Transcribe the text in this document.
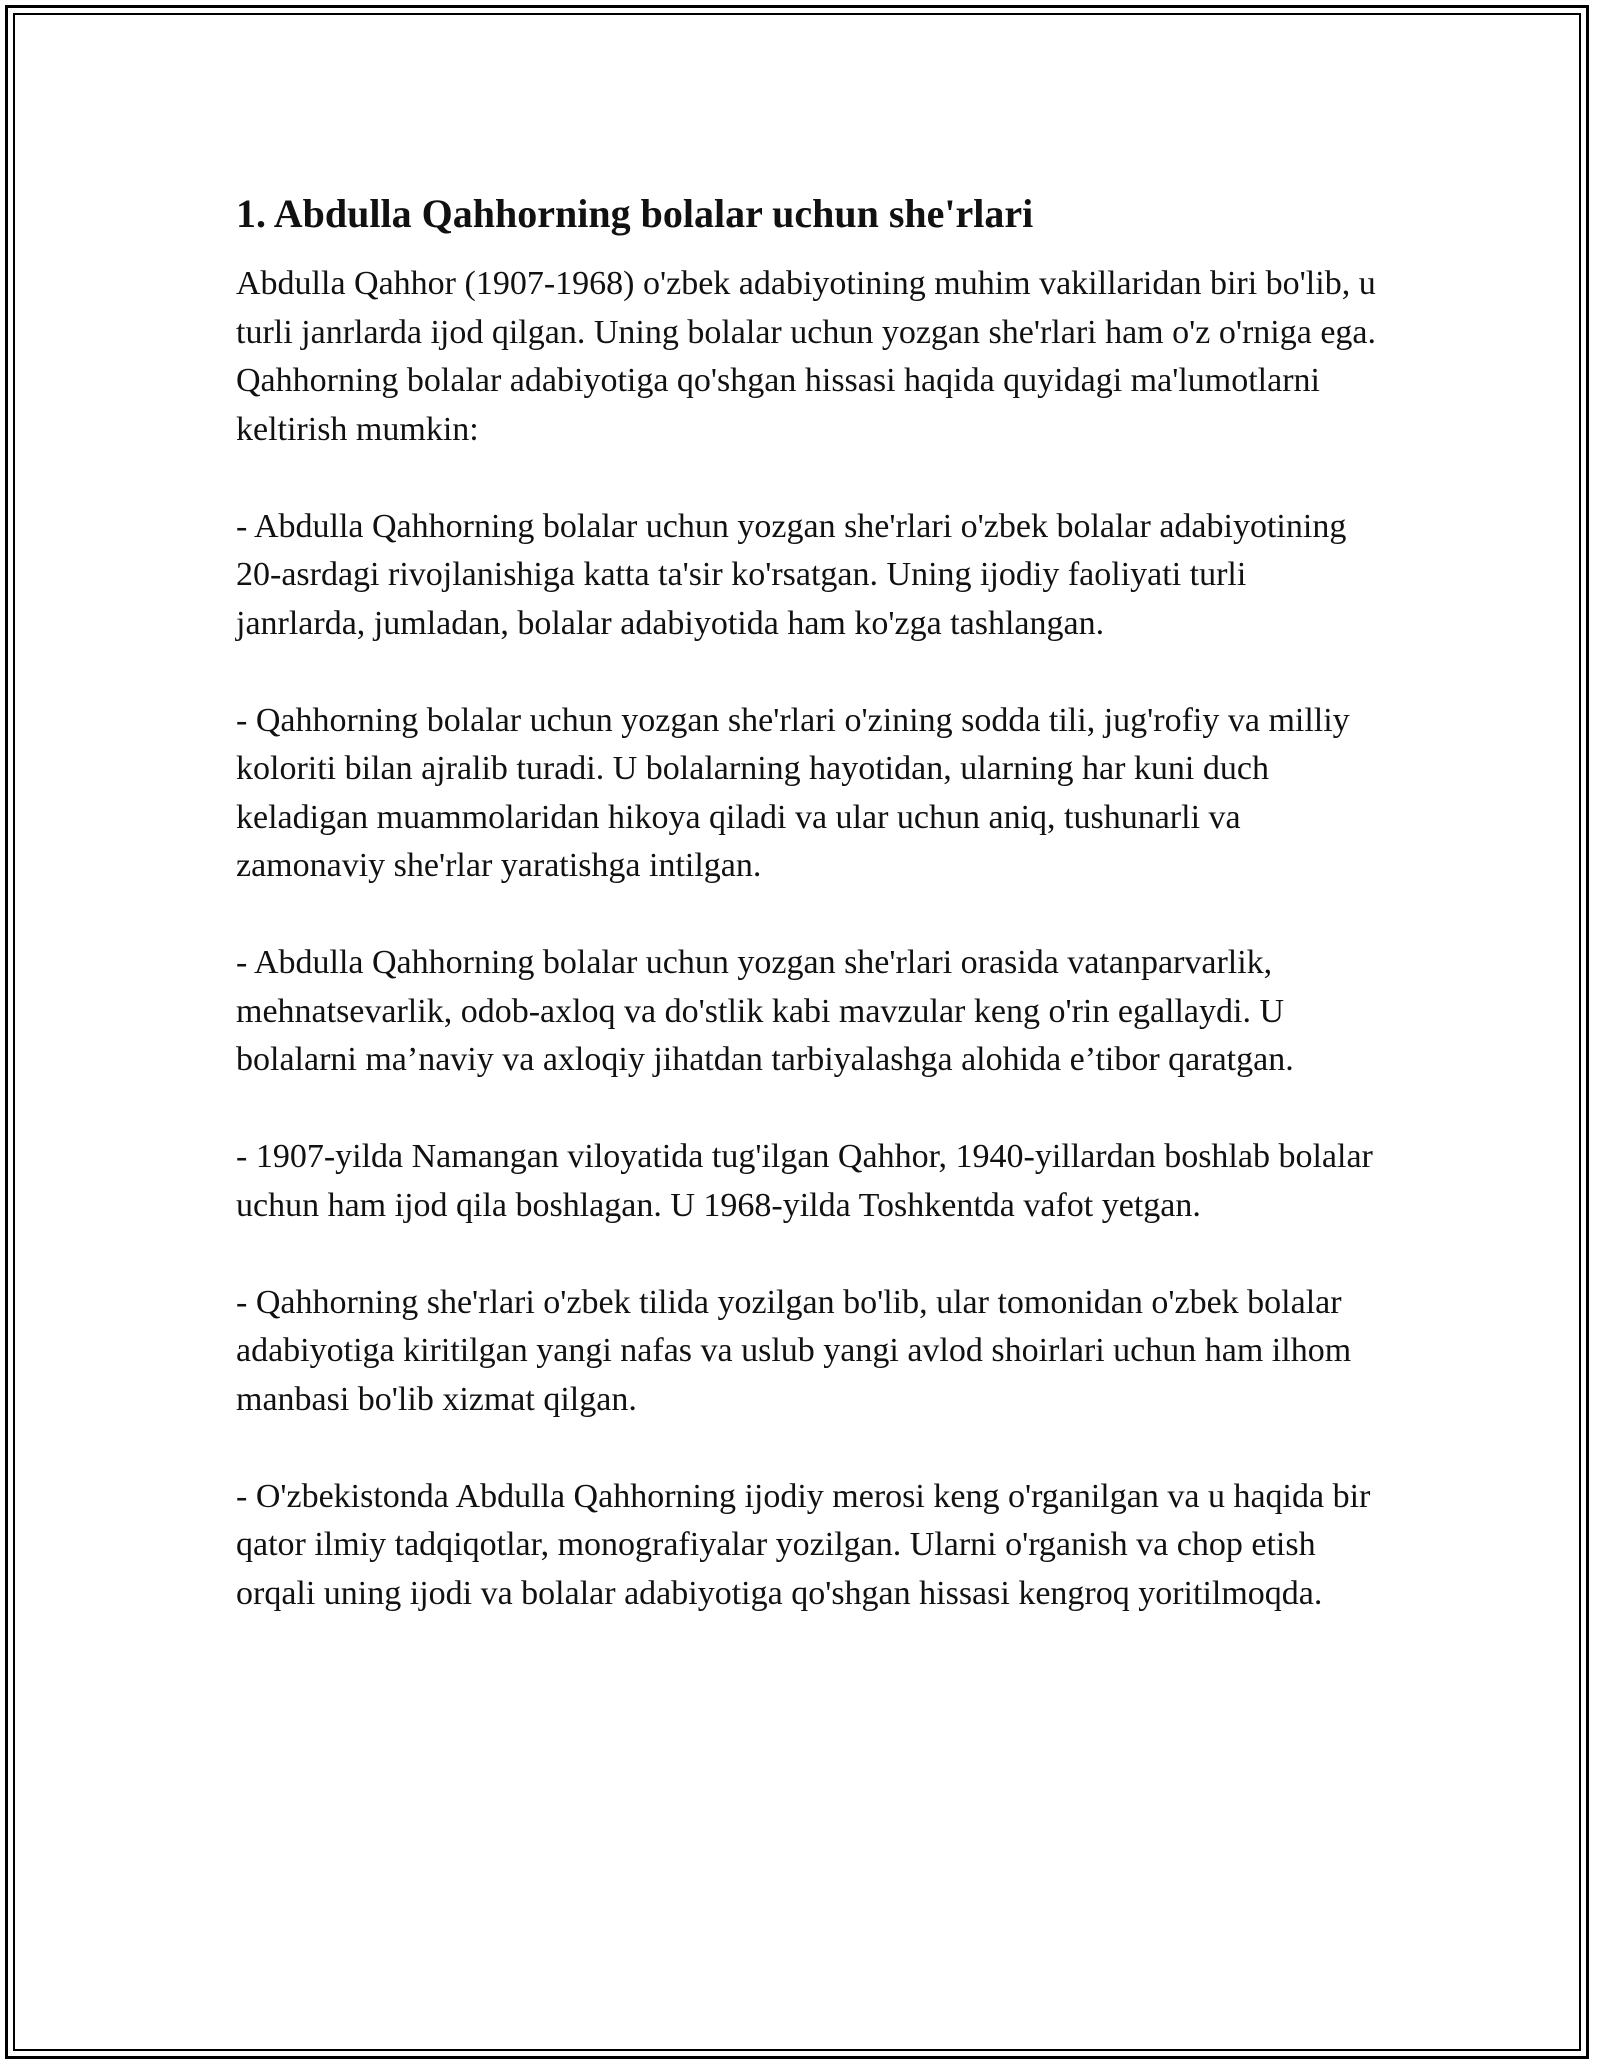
1. Abdulla Qahhorning bolalar uchun she'rlari

Abdulla Qahhor (1907-1968) o'zbek adabiyotining muhim vakillaridan biri bo'lib, u turli janrlarda ijod qilgan. Uning bolalar uchun yozgan she'rlari ham o'z o'rniga ega. Qahhorning bolalar adabiyotiga qo'shgan hissasi haqida quyidagi ma'lumotlarni keltirish mumkin:

- Abdulla Qahhorning bolalar uchun yozgan she'rlari o'zbek bolalar adabiyotining 20-asrdagi rivojlanishiga katta ta'sir ko'rsatgan. Uning ijodiy faoliyati turli janrlarda, jumladan, bolalar adabiyotida ham ko'zga tashlangan.

- Qahhorning bolalar uchun yozgan she'rlari o'zining sodda tili, jug'rofiy va milliy koloriti bilan ajralib turadi. U bolalarning hayotidan, ularning har kuni duch keladigan muammolaridan hikoya qiladi va ular uchun aniq, tushunarli va zamonaviy she'rlar yaratishga intilgan.

- Abdulla Qahhorning bolalar uchun yozgan she'rlari orasida vatanparvarlik, mehnatsevarlik, odob-axloq va do'stlik kabi mavzular keng o'rin egallaydi. U bolalarni ma’naviy va axloqiy jihatdan tarbiyalashga alohida e’tibor qaratgan.

- 1907-yilda Namangan viloyatida tug'ilgan Qahhor, 1940-yillardan boshlab bolalar uchun ham ijod qila boshlagan. U 1968-yilda Toshkentda vafot yetgan.

- Qahhorning she'rlari o'zbek tilida yozilgan bo'lib, ular tomonidan o'zbek bolalar adabiyotiga kiritilgan yangi nafas va uslub yangi avlod shoirlari uchun ham ilhom manbasi bo'lib xizmat qilgan.

- O'zbekistonda Abdulla Qahhorning ijodiy merosi keng o'rganilgan va u haqida bir qator ilmiy tadqiqotlar, monografiyalar yozilgan. Ularni o'rganish va chop etish orqali uning ijodi va bolalar adabiyotiga qo'shgan hissasi kengroq yoritilmoqda.
